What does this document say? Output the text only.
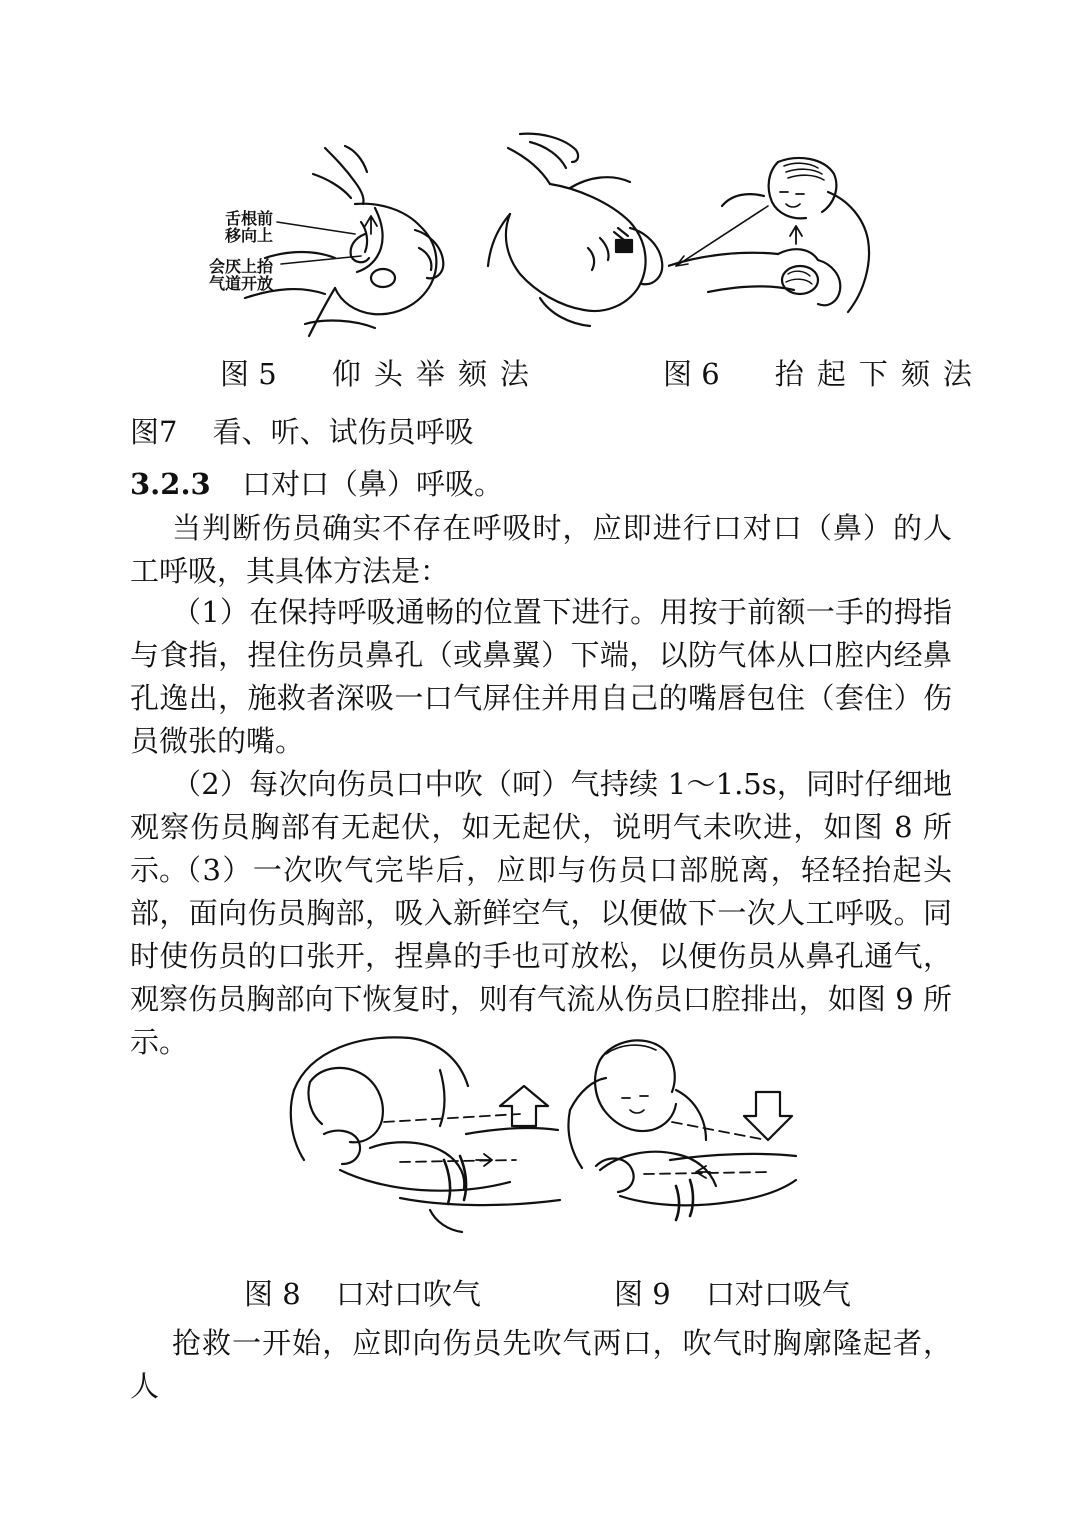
舌根前
移向上
会厌上抬
气道开放
图 5 仰头举颏法	图 6 抬起下颏法
图7 看、听、试伤员呼吸
3.2.3 口对口（鼻）呼吸。
当判断伤员确实不存在呼吸时，应即进行口对口（鼻）的人工呼吸，其具体方法是：
（1）在保持呼吸通畅的位置下进行。用按于前额一手的拇指与食指，捏住伤员鼻孔（或鼻翼）下端，以防气体从口腔内经鼻孔逸出，施救者深吸一口气屏住并用自己的嘴唇包住（套住）伤员微张的嘴。
（2）每次向伤员口中吹（呵）气持续 1～1.5s，同时仔细地观察伤员胸部有无起伏，如无起伏，说明气未吹进，如图 8 所示。
（3）一次吹气完毕后，应即与伤员口部脱离，轻轻抬起头部，面向伤员胸部，吸入新鲜空气，以便做下一次人工呼吸。同时使伤员的口张开，捏鼻的手也可放松，以便伤员从鼻孔通气，观察伤员胸部向下恢复时，则有气流从伤员口腔排出，如图 9 所示。
图 8 口对口吹气	图 9 口对口吸气
抢救一开始，应即向伤员先吹气两口，吹气时胸廓隆起者，人
